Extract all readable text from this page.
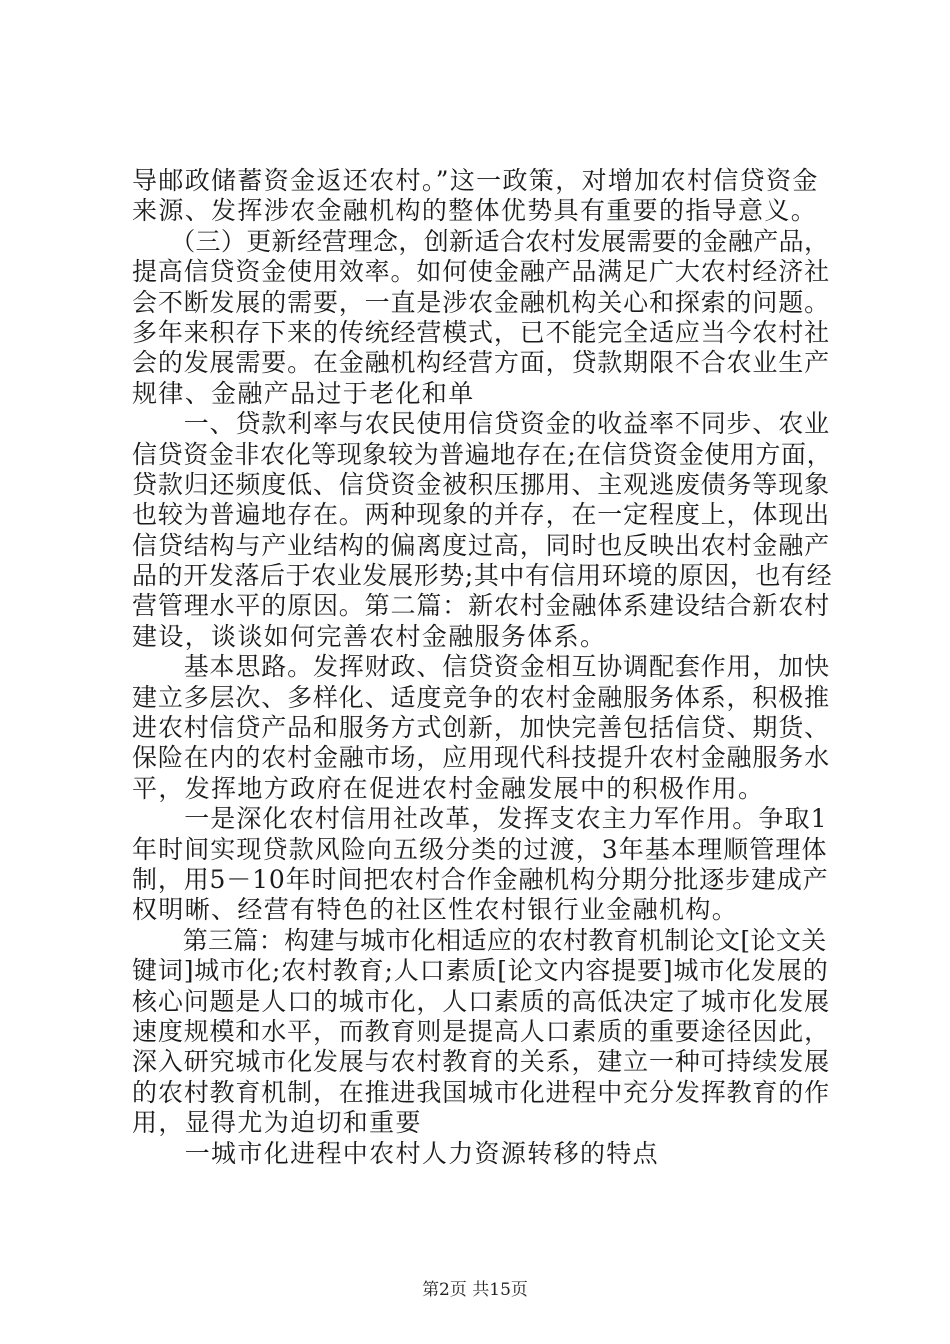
导邮政储蓄资金返还农村。”这一政策，对增加农村信贷资金
来源、发挥涉农金融机构的整体优势具有重要的指导意义。
　　（三）更新经营理念，创新适合农村发展需要的金融产品，
提高信贷资金使用效率。如何使金融产品满足广大农村经济社
会不断发展的需要，一直是涉农金融机构关心和探索的问题。
多年来积存下来的传统经营模式，已不能完全适应当今农村社
会的发展需要。在金融机构经营方面，贷款期限不合农业生产
规律、金融产品过于老化和单
　　一、贷款利率与农民使用信贷资金的收益率不同步、农业
信贷资金非农化等现象较为普遍地存在;在信贷资金使用方面，
贷款归还频度低、信贷资金被积压挪用、主观逃废债务等现象
也较为普遍地存在。两种现象的并存，在一定程度上，体现出
信贷结构与产业结构的偏离度过高，同时也反映出农村金融产
品的开发落后于农业发展形势;其中有信用环境的原因，也有经
营管理水平的原因。第二篇：新农村金融体系建设结合新农村
建设，谈谈如何完善农村金融服务体系。
　　基本思路。发挥财政、信贷资金相互协调配套作用，加快
建立多层次、多样化、适度竞争的农村金融服务体系，积极推
进农村信贷产品和服务方式创新，加快完善包括信贷、期货、
保险在内的农村金融市场，应用现代科技提升农村金融服务水
平，发挥地方政府在促进农村金融发展中的积极作用。
　　一是深化农村信用社改革，发挥支农主力军作用。争取1
年时间实现贷款风险向五级分类的过渡，3年基本理顺管理体
制，用5－10年时间把农村合作金融机构分期分批逐步建成产
权明晰、经营有特色的社区性农村银行业金融机构。
　　第三篇：构建与城市化相适应的农村教育机制论文[论文关
键词]城市化;农村教育;人口素质[论文内容提要]城市化发展的
核心问题是人口的城市化，人口素质的高低决定了城市化发展
速度规模和水平，而教育则是提高人口素质的重要途径因此，
深入研究城市化发展与农村教育的关系，建立一种可持续发展
的农村教育机制，在推进我国城市化进程中充分发挥教育的作
用，显得尤为迫切和重要
　　一城市化进程中农村人力资源转移的特点
第2页 共15页
